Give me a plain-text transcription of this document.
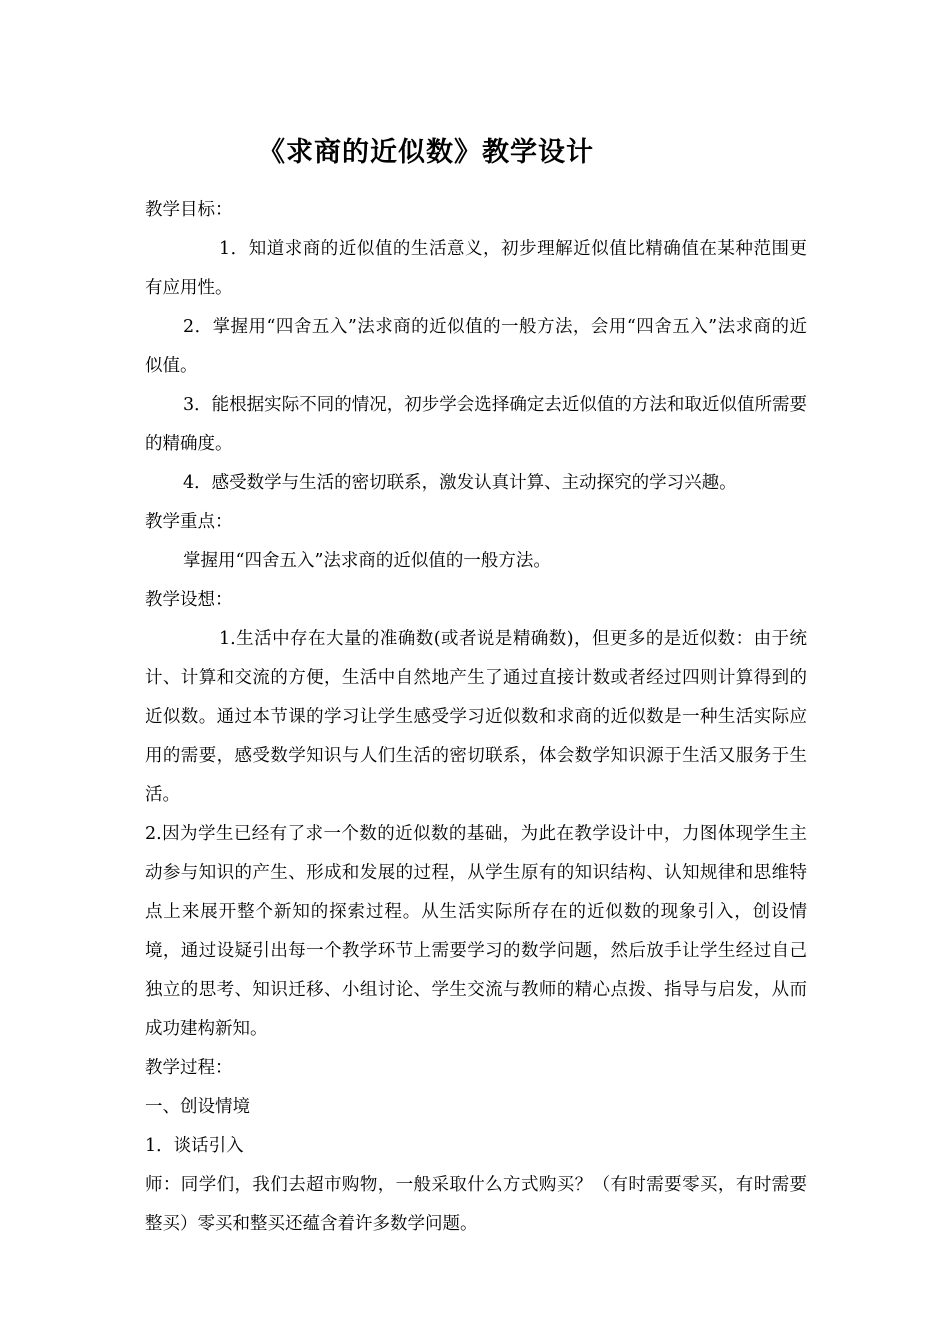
《求商的近似数》教学设计

教学目标：

1．知道求商的近似值的生活意义，初步理解近似值比精确值在某种范围更有应用性。

2．掌握用“四舍五入”法求商的近似值的一般方法，会用“四舍五入”法求商的近似值。

3．能根据实际不同的情况，初步学会选择确定去近似值的方法和取近似值所需要的精确度。

4．感受数学与生活的密切联系，激发认真计算、主动探究的学习兴趣。

教学重点：

掌握用“四舍五入”法求商的近似值的一般方法。

教学设想：

1.生活中存在大量的准确数(或者说是精确数)，但更多的是近似数：由于统计、计算和交流的方便，生活中自然地产生了通过直接计数或者经过四则计算得到的近似数。通过本节课的学习让学生感受学习近似数和求商的近似数是一种生活实际应用的需要，感受数学知识与人们生活的密切联系，体会数学知识源于生活又服务于生活。

2.因为学生已经有了求一个数的近似数的基础，为此在教学设计中，力图体现学生主动参与知识的产生、形成和发展的过程，从学生原有的知识结构、认知规律和思维特点上来展开整个新知的探索过程。从生活实际所存在的近似数的现象引入，创设情境，通过设疑引出每一个教学环节上需要学习的数学问题，然后放手让学生经过自己独立的思考、知识迁移、小组讨论、学生交流与教师的精心点拨、指导与启发，从而成功建构新知。

教学过程：

一、创设情境

1．谈话引入

师：同学们，我们去超市购物，一般采取什么方式购买？（有时需要零买，有时需要整买）零买和整买还蕴含着许多数学问题。
